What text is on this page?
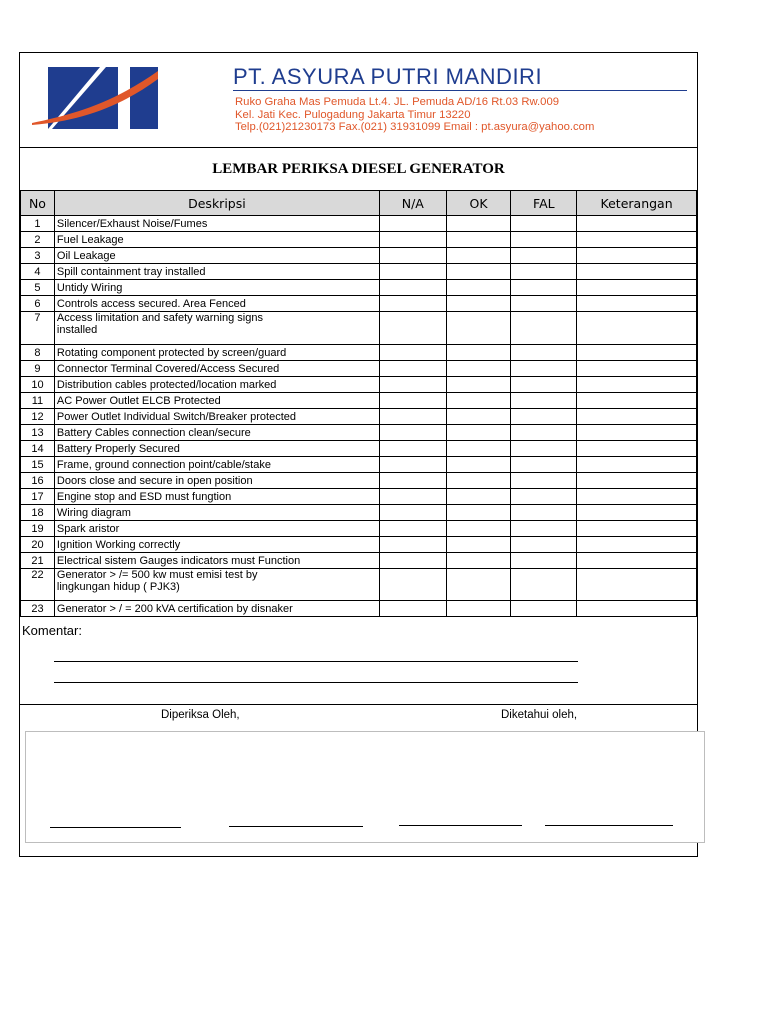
PT. ASYURA PUTRI MANDIRI
Ruko Graha Mas Pemuda Lt.4. JL. Pemuda AD/16 Rt.03 Rw.009
Kel. Jati Kec. Pulogadung Jakarta Timur 13220
Telp.(021)21230173 Fax.(021) 31931099 Email : pt.asyura@yahoo.com
LEMBAR PERIKSA DIESEL GENERATOR
No	Deskripsi	N/A	OK	FAL	Keterangan
1	Silencer/Exhaust Noise/Fumes				
2	Fuel Leakage				
3	Oil Leakage				
4	Spill containment tray installed				
5	Untidy Wiring				
6	Controls access secured. Area Fenced				
7	Access limitation and safety warning signs installed				
8	Rotating component protected by screen/guard				
9	Connector Terminal Covered/Access Secured				
10	Distribution cables protected/location marked				
11	AC Power Outlet ELCB Protected				
12	Power Outlet Individual Switch/Breaker protected				
13	Battery Cables connection clean/secure				
14	Battery Properly Secured				
15	Frame, ground connection point/cable/stake				
16	Doors close and secure in open position				
17	Engine stop and ESD must fungtion				
18	Wiring diagram				
19	Spark aristor				
20	Ignition Working correctly				
21	Electrical sistem Gauges indicators must Function				
22	Generator > /= 500 kw must emisi test by lingkungan hidup ( PJK3)				
23	Generator > / = 200 kVA certification by disnaker				
Komentar:
Diperiksa Oleh,	Diketahui oleh,
